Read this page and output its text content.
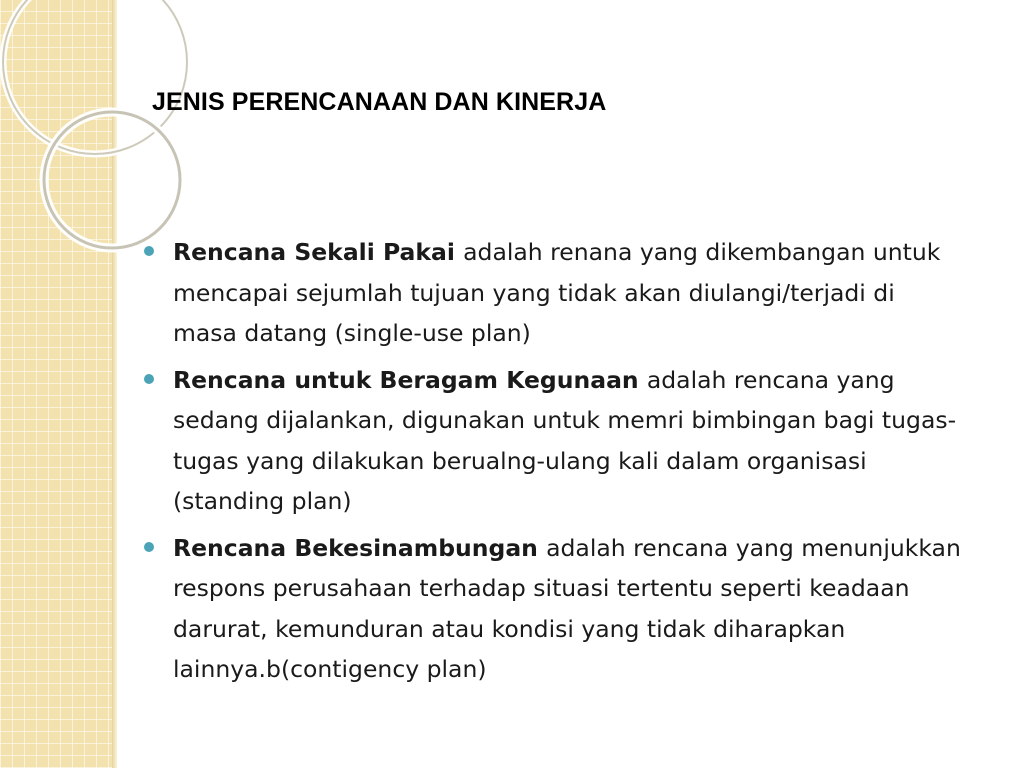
JENIS PERENCANAAN DAN KINERJA
Rencana Sekali Pakai adalah renana yang dikembangan untuk mencapai sejumlah tujuan yang tidak akan diulangi/terjadi di masa datang (single-use plan)
Rencana untuk Beragam Kegunaan adalah rencana yang sedang dijalankan, digunakan untuk memri bimbingan bagi tugas-tugas yang dilakukan berualng-ulang kali dalam organisasi (standing plan)
Rencana Bekesinambungan adalah rencana yang menunjukkan respons perusahaan terhadap situasi tertentu seperti keadaan darurat, kemunduran atau kondisi yang tidak diharapkan lainnya.b(contigency plan)
